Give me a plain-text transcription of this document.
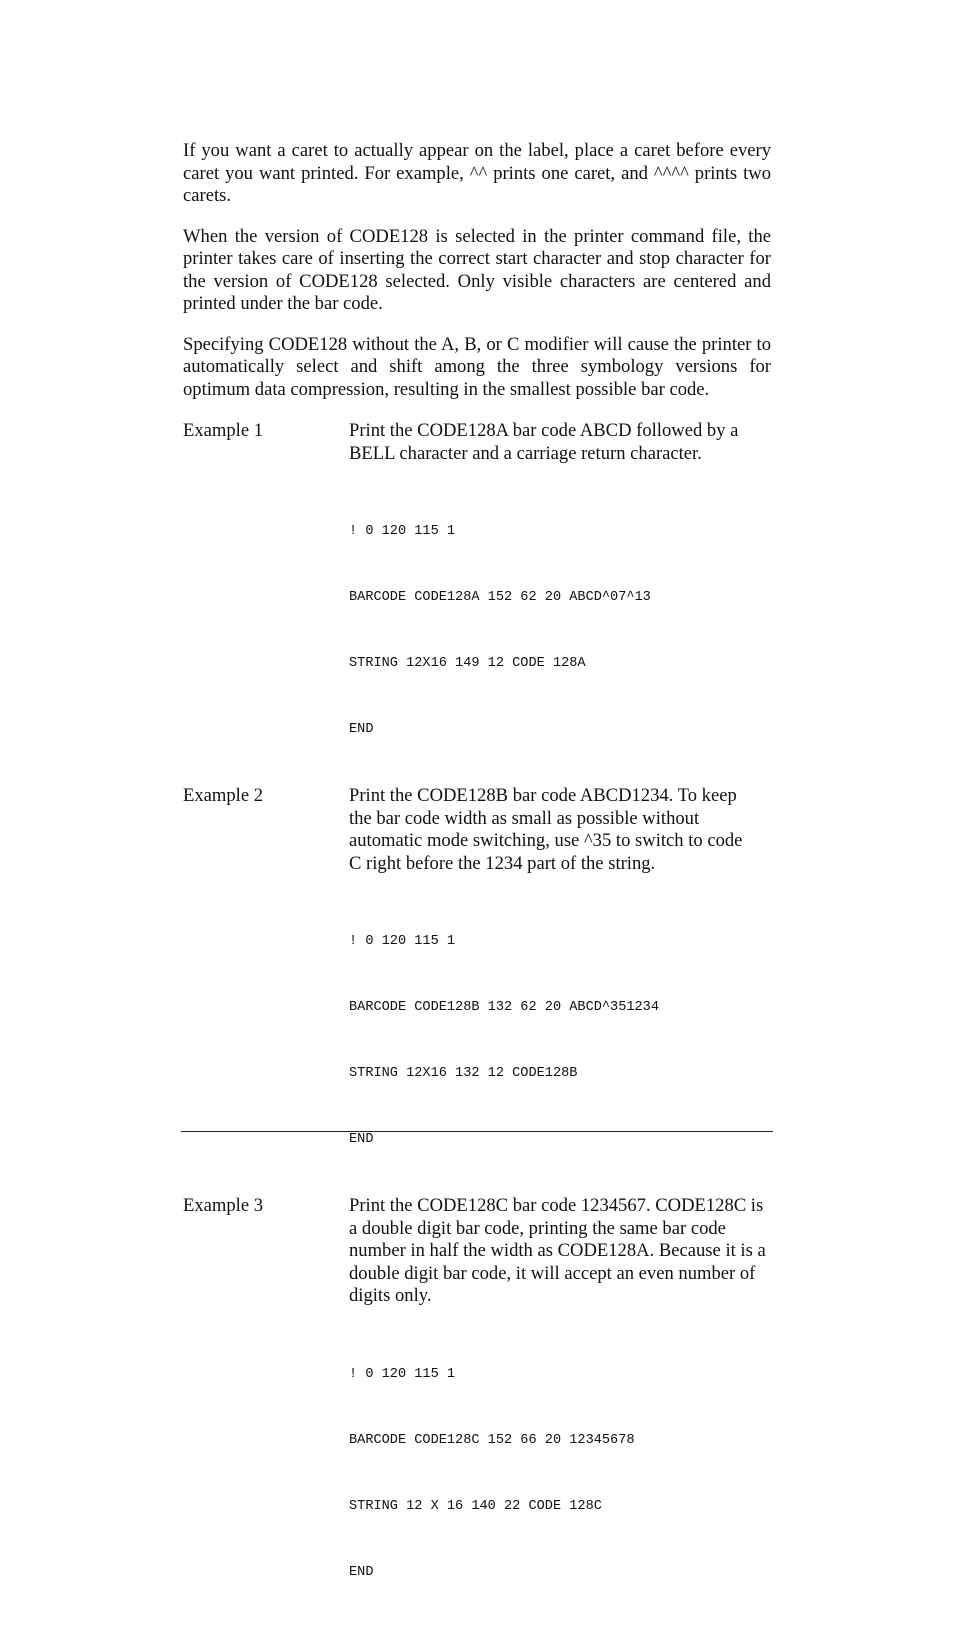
If you want a caret to actually appear on the label, place a caret before every caret you want printed. For example, ^^ prints one caret, and ^^^^ prints two carets.

When the version of CODE128 is selected in the printer command file, the printer takes care of inserting the correct start character and stop character for the version of CODE128 selected. Only visible characters are centered and printed under the bar code.

Specifying CODE128 without the A, B, or C modifier will cause the printer to automatically select and shift among the three symbology versions for optimum data compression, resulting in the smallest possible bar code.

Example 1	Print the CODE128A bar code ABCD followed by a BELL character and a carriage return character.

! 0 120 115 1

BARCODE CODE128A 152 62 20 ABCD^07^13

STRING 12X16 149 12 CODE 128A

END

Example 2	Print the CODE128B bar code ABCD1234. To keep the bar code width as small as possible without automatic mode switching, use ^35 to switch to code C right before the 1234 part of the string.

! 0 120 115 1

BARCODE CODE128B 132 62 20 ABCD^351234

STRING 12X16 132 12 CODE128B

END

Example 3	Print the CODE128C bar code 1234567. CODE128C is a double digit bar code, printing the same bar code number in half the width as CODE128A. Because it is a double digit bar code, it will accept an even number of digits only.

! 0 120 115 1

BARCODE CODE128C 152 66 20 12345678

STRING 12 X 16 140 22 CODE 128C

END
